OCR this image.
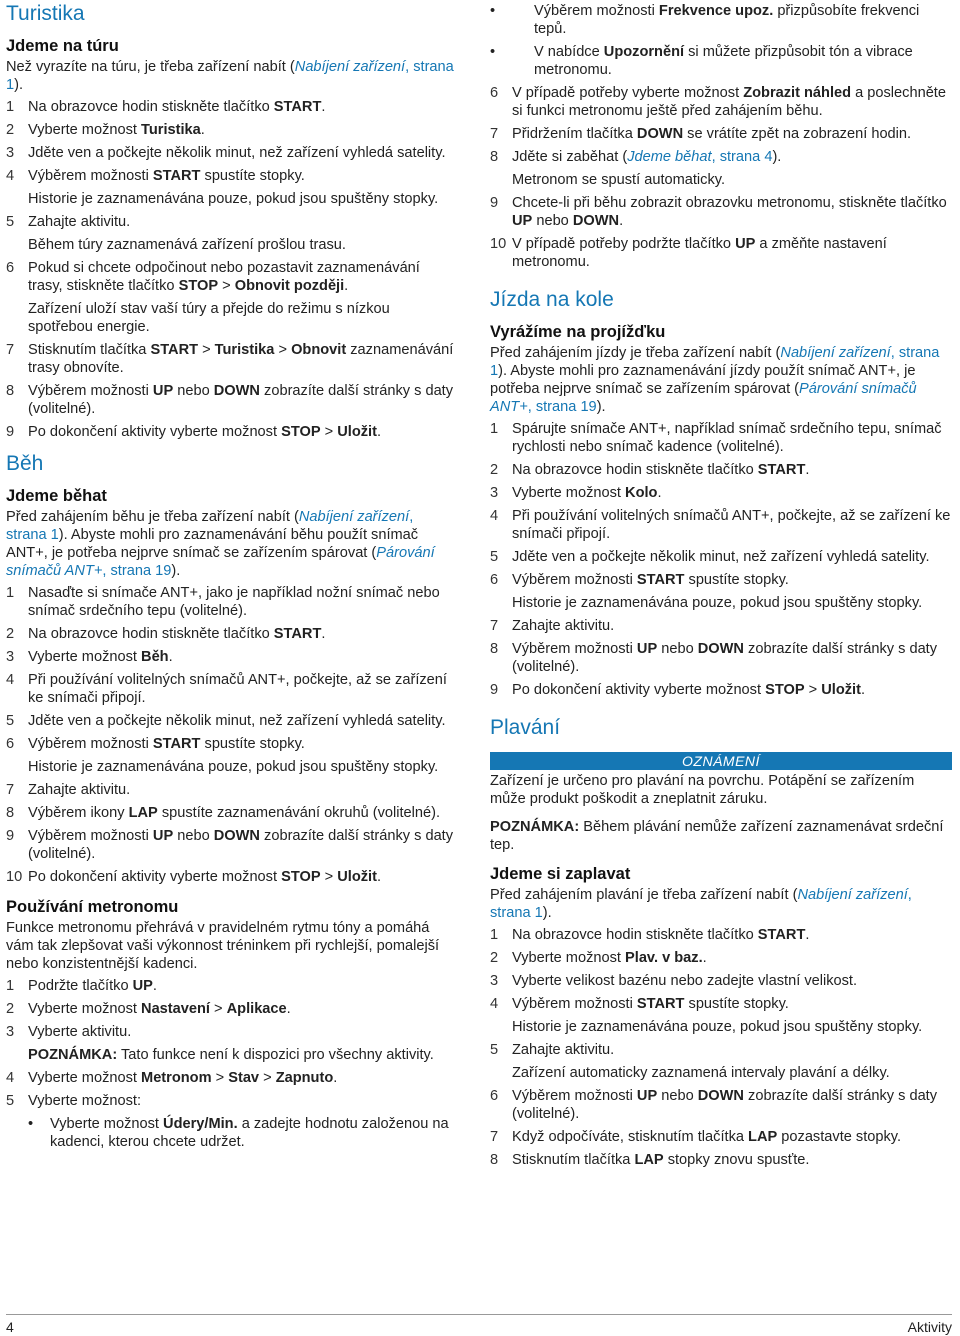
Turistika
Jdeme na túru

Než vyrazíte na túru, je třeba zařízení nabít (Nabíjení zařízení, strana 1).

1 Na obrazovce hodin stiskněte tlačítko START.
2 Vyberte možnost Turistika.
3 Jděte ven a počkejte několik minut, než zařízení vyhledá satelity.
4 Výběrem možnosti START spustíte stopky.

Historie je zaznamenávána pouze, pokud jsou spuštěny stopky.

5 Zahajte aktivitu.

Během túry zaznamenává zařízení prošlou trasu.

6 Pokud si chcete odpočinout nebo pozastavit zaznamenávání trasy, stiskněte tlačítko STOP > Obnovit později.

Zařízení uloží stav vaší túry a přejde do režimu s nízkou spotřebou energie.

7 Stisknutím tlačítka START > Turistika > Obnovit zaznamenávání trasy obnovíte.
8 Výběrem možnosti UP nebo DOWN zobrazíte další stránky s daty (volitelné).
9 Po dokončení aktivity vyberte možnost STOP > Uložit.
Běh
Jdeme běhat

Před zahájením běhu je třeba zařízení nabít (Nabíjení zařízení, strana 1). Abyste mohli pro zaznamenávání běhu použít snímač ANT+, je potřeba nejprve snímač se zařízením spárovat (Párování snímačů ANT+, strana 19).

1 Nasaďte si snímače ANT+, jako je například nožní snímač nebo snímač srdečního tepu (volitelné).
2 Na obrazovce hodin stiskněte tlačítko START.
3 Vyberte možnost Běh.
4 Při používání volitelných snímačů ANT+, počkejte, až se zařízení ke snímači připojí.
5 Jděte ven a počkejte několik minut, než zařízení vyhledá satelity.
6 Výběrem možnosti START spustíte stopky.

Historie je zaznamenávána pouze, pokud jsou spuštěny stopky.

7 Zahajte aktivitu.
8 Výběrem ikony LAP spustíte zaznamenávání okruhů (volitelné).
9 Výběrem možnosti UP nebo DOWN zobrazíte další stránky s daty (volitelné).
10 Po dokončení aktivity vyberte možnost STOP > Uložit.
Používání metronomu

Funkce metronomu přehrává v pravidelném rytmu tóny a pomáhá vám tak zlepšovat vaši výkonnost tréninkem při rychlejší, pomalejší nebo konzistentnější kadenci.

1 Podržte tlačítko UP.
2 Vyberte možnost Nastavení > Aplikace.
3 Vyberte aktivitu.

POZNÁMKA: Tato funkce není k dispozici pro všechny aktivity.

4 Vyberte možnost Metronom > Stav > Zapnuto.
5 Vyberte možnost:
• Vyberte možnost Údery/Min. a zadejte hodnotu založenou na kadenci, kterou chcete udržet.
• Výběrem možnosti Frekvence upoz. přizpůsobíte frekvenci tepů.
• V nabídce Upozornění si můžete přizpůsobit tón a vibrace metronomu.
6 V případě potřeby vyberte možnost Zobrazit náhled a poslechněte si funkci metronomu ještě před zahájením běhu.
7 Přidržením tlačítka DOWN se vrátíte zpět na zobrazení hodin.
8 Jděte si zaběhat (Jdeme běhat, strana 4).

Metronom se spustí automaticky.

9 Chcete-li při běhu zobrazit obrazovku metronomu, stiskněte tlačítko UP nebo DOWN.
10 V případě potřeby podržte tlačítko UP a změňte nastavení metronomu.
Jízda na kole
Vyrážíme na projížďku

Před zahájením jízdy je třeba zařízení nabít (Nabíjení zařízení, strana 1). Abyste mohli pro zaznamenávání jízdy použít snímač ANT+, je potřeba nejprve snímač se zařízením spárovat (Párování snímačů ANT+, strana 19).

1 Spárujte snímače ANT+, například snímač srdečního tepu, snímač rychlosti nebo snímač kadence (volitelné).
2 Na obrazovce hodin stiskněte tlačítko START.
3 Vyberte možnost Kolo.
4 Při používání volitelných snímačů ANT+, počkejte, až se zařízení ke snímači připojí.
5 Jděte ven a počkejte několik minut, než zařízení vyhledá satelity.
6 Výběrem možnosti START spustíte stopky.

Historie je zaznamenávána pouze, pokud jsou spuštěny stopky.

7 Zahajte aktivitu.
8 Výběrem možnosti UP nebo DOWN zobrazíte další stránky s daty (volitelné).
9 Po dokončení aktivity vyberte možnost STOP > Uložit.
Plavání
OZNÁMENÍ

Zařízení je určeno pro plavání na povrchu. Potápění se zařízením může produkt poškodit a zneplatnit záruku.

POZNÁMKA: Během plávání nemůže zařízení zaznamenávat srdeční tep.

Jdeme si zaplavat

Před zahájením plavání je třeba zařízení nabít (Nabíjení zařízení, strana 1).

1 Na obrazovce hodin stiskněte tlačítko START.
2 Vyberte možnost Plav. v baz..
3 Vyberte velikost bazénu nebo zadejte vlastní velikost.
4 Výběrem možnosti START spustíte stopky.

Historie je zaznamenávána pouze, pokud jsou spuštěny stopky.

5 Zahajte aktivitu.

Zařízení automaticky zaznamená intervaly plavání a délky.

6 Výběrem možnosti UP nebo DOWN zobrazíte další stránky s daty (volitelné).
7 Když odpočíváte, stisknutím tlačítka LAP pozastavte stopky.
8 Stisknutím tlačítka LAP stopky znovu spusťte.
4	Aktivity
